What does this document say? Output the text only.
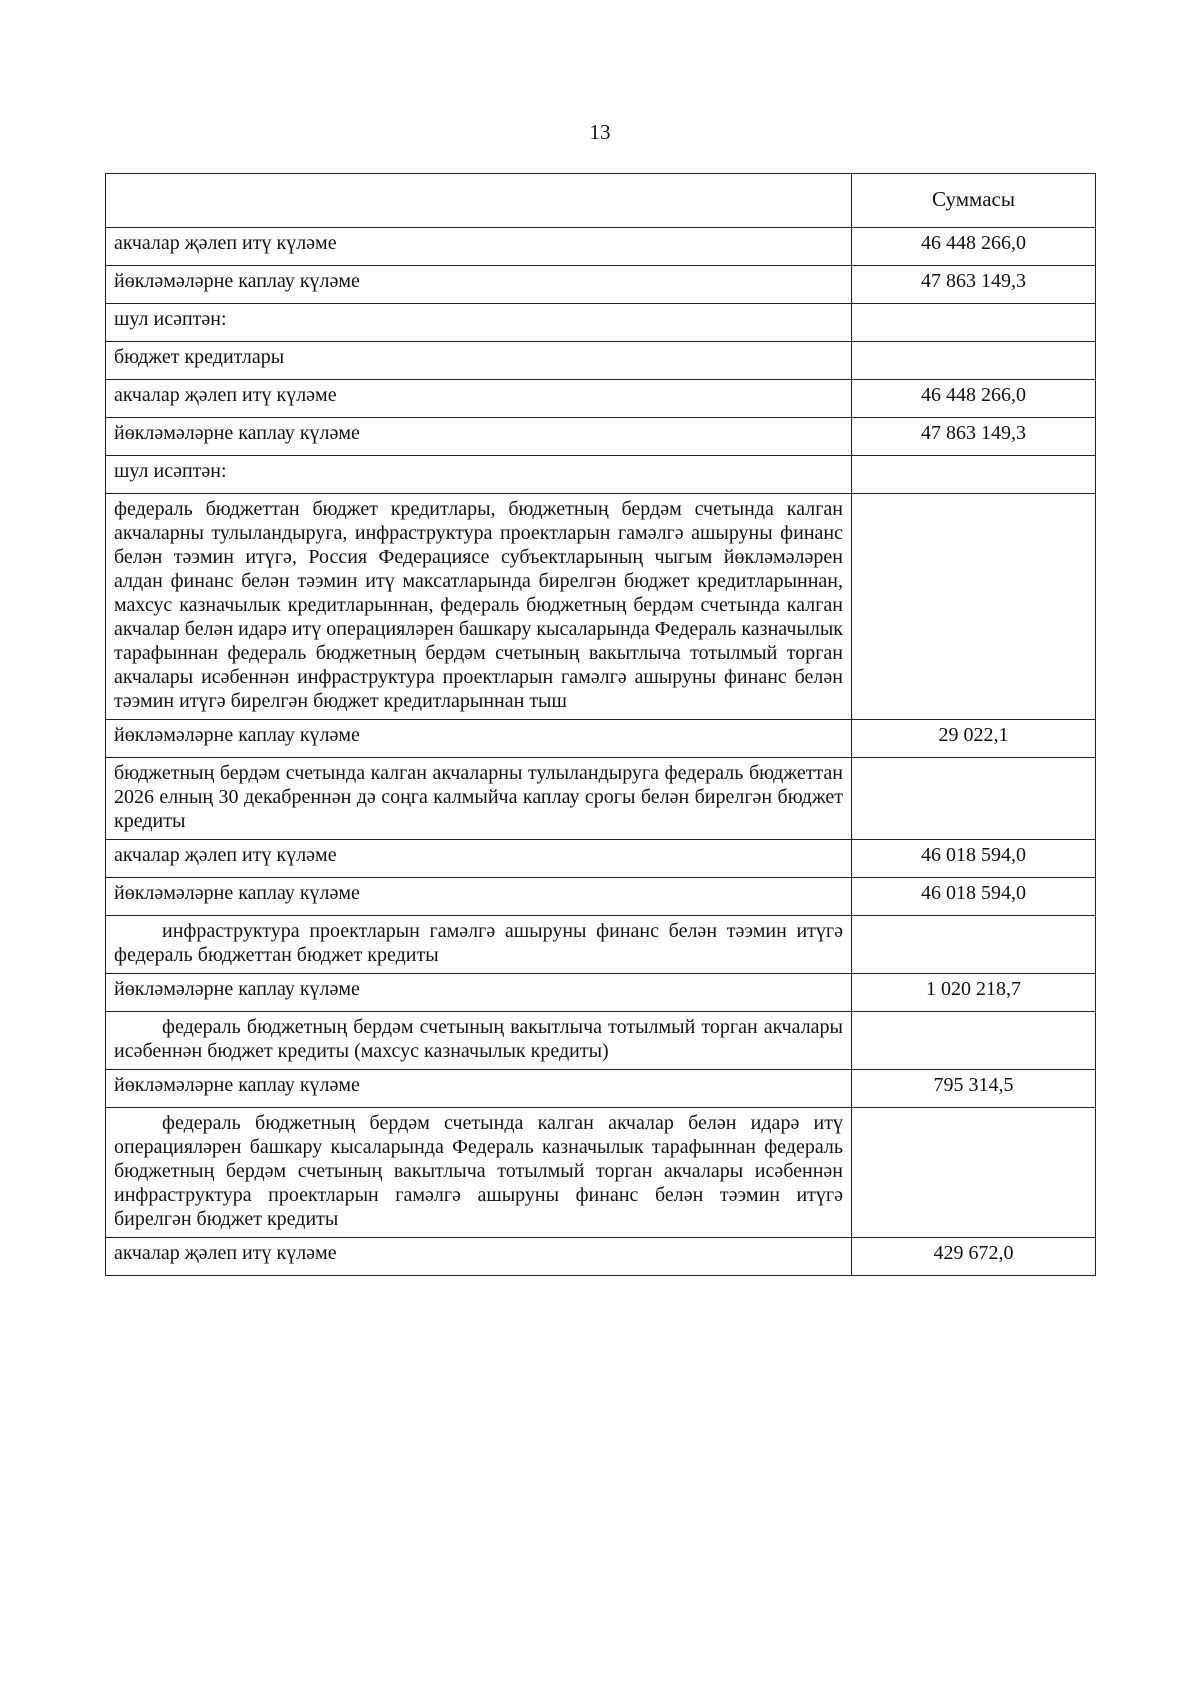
13
	Суммасы
акчалар җәлеп итү күләме	46 448 266,0
йөкләмәләрне каплау күләме	47 863 149,3
шул исәптән:	
бюджет кредитлары	
акчалар җәлеп итү күләме	46 448 266,0
йөкләмәләрне каплау күләме	47 863 149,3
шул исәптән:	
федераль бюджеттан бюджет кредитлары, бюджетның бердәм счетында калган акчаларны тулыландыруга, инфраструктура проектларын гамәлгә ашыруны финанс белән тәэмин итүгә, Россия Федерациясе субъектларының чыгым йөкләмәләрен алдан финанс белән тәэмин итү максатларында бирелгән бюджет кредитларыннан, махсус казначылык кредитларыннан, федераль бюджетның бердәм счетында калган акчалар белән идарә итү операцияләрен башкару кысаларында Федераль казначылык тарафыннан федераль бюджетның бердәм счетының вакытлыча тотылмый торган акчалары исәбеннән инфраструктура проектларын гамәлгә ашыруны финанс белән тәэмин итүгә бирелгән бюджет кредитларыннан тыш	
йөкләмәләрне каплау күләме	29 022,1
бюджетның бердәм счетында калган акчаларны тулыландыруга федераль бюджеттан 2026 елның 30 декабреннән дә соңга калмыйча каплау срогы белән бирелгән бюджет кредиты	
акчалар җәлеп итү күләме	46 018 594,0
йөкләмәләрне каплау күләме	46 018 594,0
инфраструктура проектларын гамәлгә ашыруны финанс белән тәэмин итүгә федераль бюджеттан бюджет кредиты	
йөкләмәләрне каплау күләме	1 020 218,7
федераль бюджетның бердәм счетының вакытлыча тотылмый торган акчалары исәбеннән бюджет кредиты (махсус казначылык кредиты)	
йөкләмәләрне каплау күләме	795 314,5
федераль бюджетның бердәм счетында калган акчалар белән идарә итү операцияләрен башкару кысаларында Федераль казначылык тарафыннан федераль бюджетның бердәм счетының вакытлыча тотылмый торган акчалары исәбеннән инфраструктура проектларын гамәлгә ашыруны финанс белән тәэмин итүгә бирелгән бюджет кредиты	
акчалар җәлеп итү күләме	429 672,0
